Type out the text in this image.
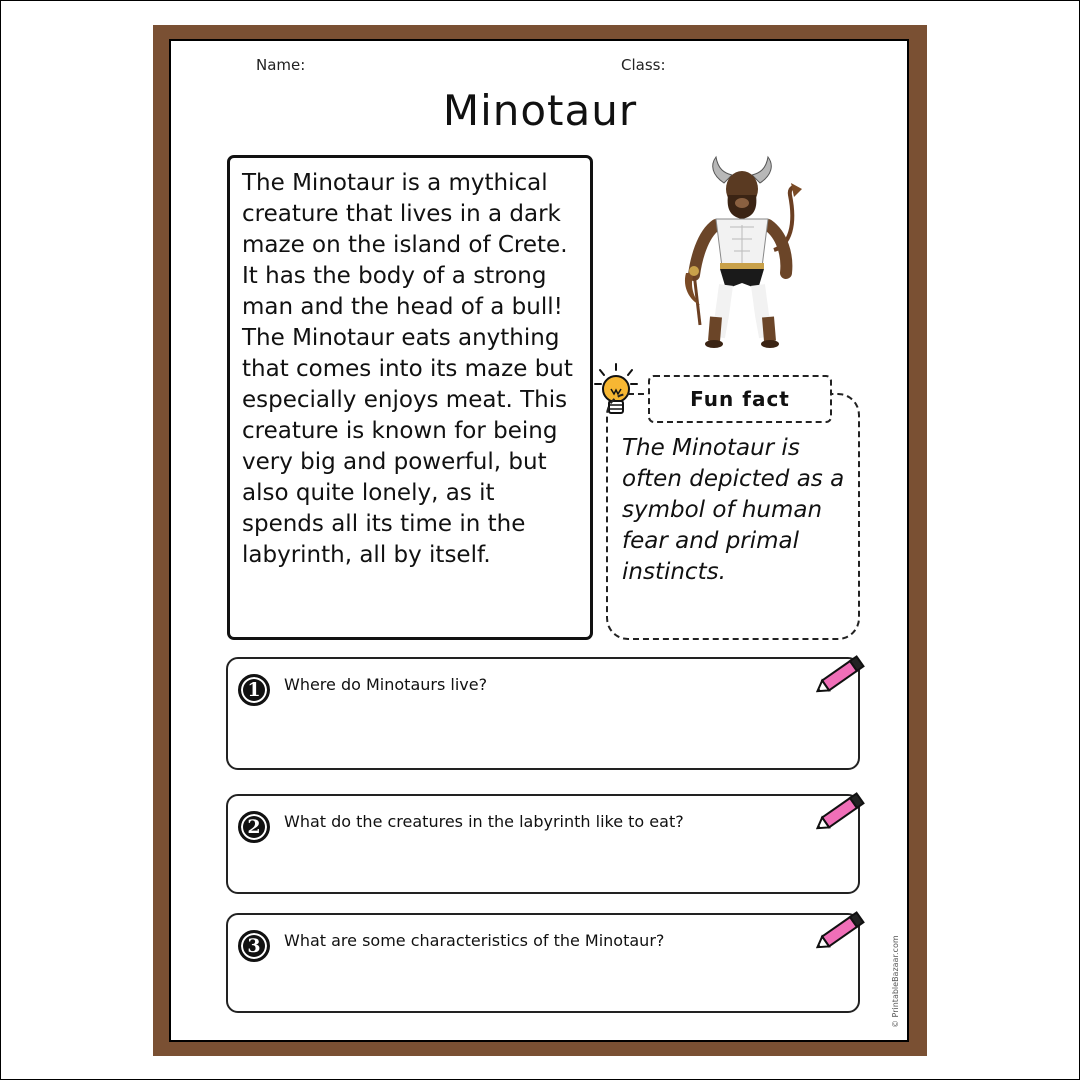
Name:	Class:
Minotaur

The Minotaur is a mythical creature that lives in a dark maze on the island of Crete. It has the body of a strong man and the head of a bull! The Minotaur eats anything that comes into its maze but especially enjoys meat. This creature is known for being very big and powerful, but also quite lonely, as it spends all its time in the labyrinth, all by itself.

The Minotaur is often depicted as a symbol of human fear and primal instincts.

Fun fact
1	Where do Minotaurs live?
2	What do the creatures in the labyrinth like to eat?
3	What are some characteristics of the Minotaur?	© PrintableBazaar.com
